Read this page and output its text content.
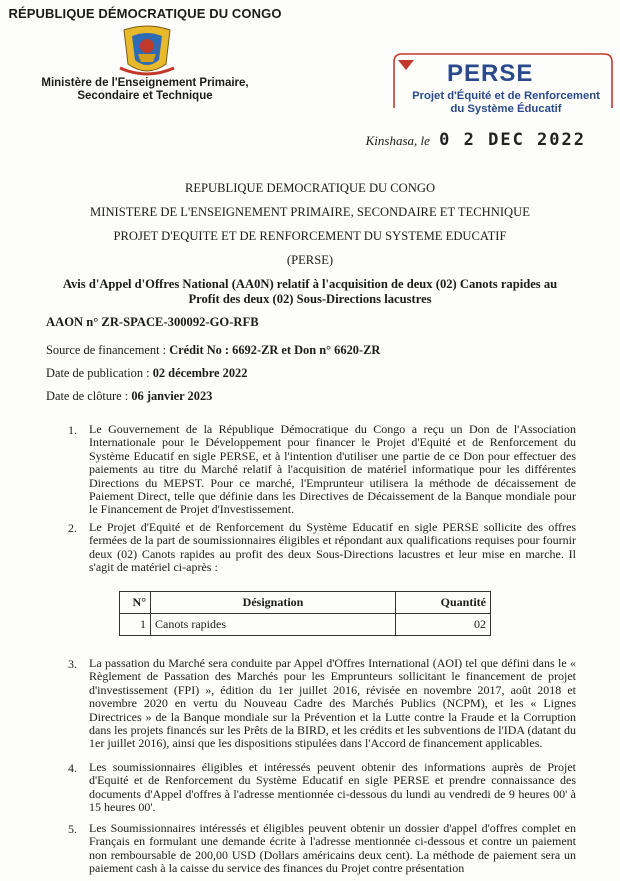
RÉPUBLIQUE DÉMOCRATIQUE DU CONGO
Ministère de l'Enseignement Primaire,
Secondaire et Technique
PERSE
Projet d'Équité et de Renforcement
du Système Éducatif
Kinshasa, le 0 2 DEC 2022
REPUBLIQUE DEMOCRATIQUE DU CONGO
MINISTERE DE L'ENSEIGNEMENT PRIMAIRE, SECONDAIRE ET TECHNIQUE
PROJET D'EQUITE ET DE RENFORCEMENT DU SYSTEME EDUCATIF
(PERSE)
Avis d'Appel d'Offres National (AA0N) relatif à l'acquisition de deux (02) Canots rapides au Profit des deux (02) Sous-Directions lacustres
AAON n° ZR-SPACE-300092-GO-RFB
Source de financement : Crédit No : 6692-ZR et Don n° 6620-ZR
Date de publication : 02 décembre 2022
Date de clôture : 06 janvier 2023
1. Le Gouvernement de la République Démocratique du Congo a reçu un Don de l'Association Internationale pour le Développement pour financer le Projet d'Equité et de Renforcement du Système Educatif en sigle PERSE, et à l'intention d'utiliser une partie de ce Don pour effectuer des paiements au titre du Marché relatif à l'acquisition de matériel informatique pour les différentes Directions du MEPST. Pour ce marché, l'Emprunteur utilisera la méthode de décaissement de Paiement Direct, telle que définie dans les Directives de Décaissement de la Banque mondiale pour le Financement de Projet d'Investissement.
2. Le Projet d'Equité et de Renforcement du Système Educatif en sigle PERSE sollicite des offres fermées de la part de soumissionnaires éligibles et répondant aux qualifications requises pour fournir deux (02) Canots rapides au profit des deux Sous-Directions lacustres et leur mise en marche. Il s'agit de matériel ci-après :
N°	Désignation	Quantité
1	Canots rapides	02
3. La passation du Marché sera conduite par Appel d'Offres International (AOI) tel que défini dans le « Règlement de Passation des Marchés pour les Emprunteurs sollicitant le financement de projet d'investissement (FPI) », édition du 1er juillet 2016, révisée en novembre 2017, août 2018 et novembre 2020 en vertu du Nouveau Cadre des Marchés Publics (NCPM), et les « Lignes Directrices » de la Banque mondiale sur la Prévention et la Lutte contre la Fraude et la Corruption dans les projets financés sur les Prêts de la BIRD, et les crédits et les subventions de l'IDA (datant du 1er juillet 2016), ainsi que les dispositions stipulées dans l'Accord de financement applicables.
4. Les soumissionnaires éligibles et intéressés peuvent obtenir des informations auprès de Projet d'Equité et de Renforcement du Système Educatif en sigle PERSE et prendre connaissance des documents d'Appel d'offres à l'adresse mentionnée ci-dessous du lundi au vendredi de 9 heures 00' à 15 heures 00'.
5. Les Soumissionnaires intéressés et éligibles peuvent obtenir un dossier d'appel d'offres complet en Français en formulant une demande écrite à l'adresse mentionnée ci-dessous et contre un paiement non remboursable de 200,00 USD (Dollars américains deux cent). La méthode de paiement sera un paiement cash à la caisse du service des finances du Projet contre présentation
